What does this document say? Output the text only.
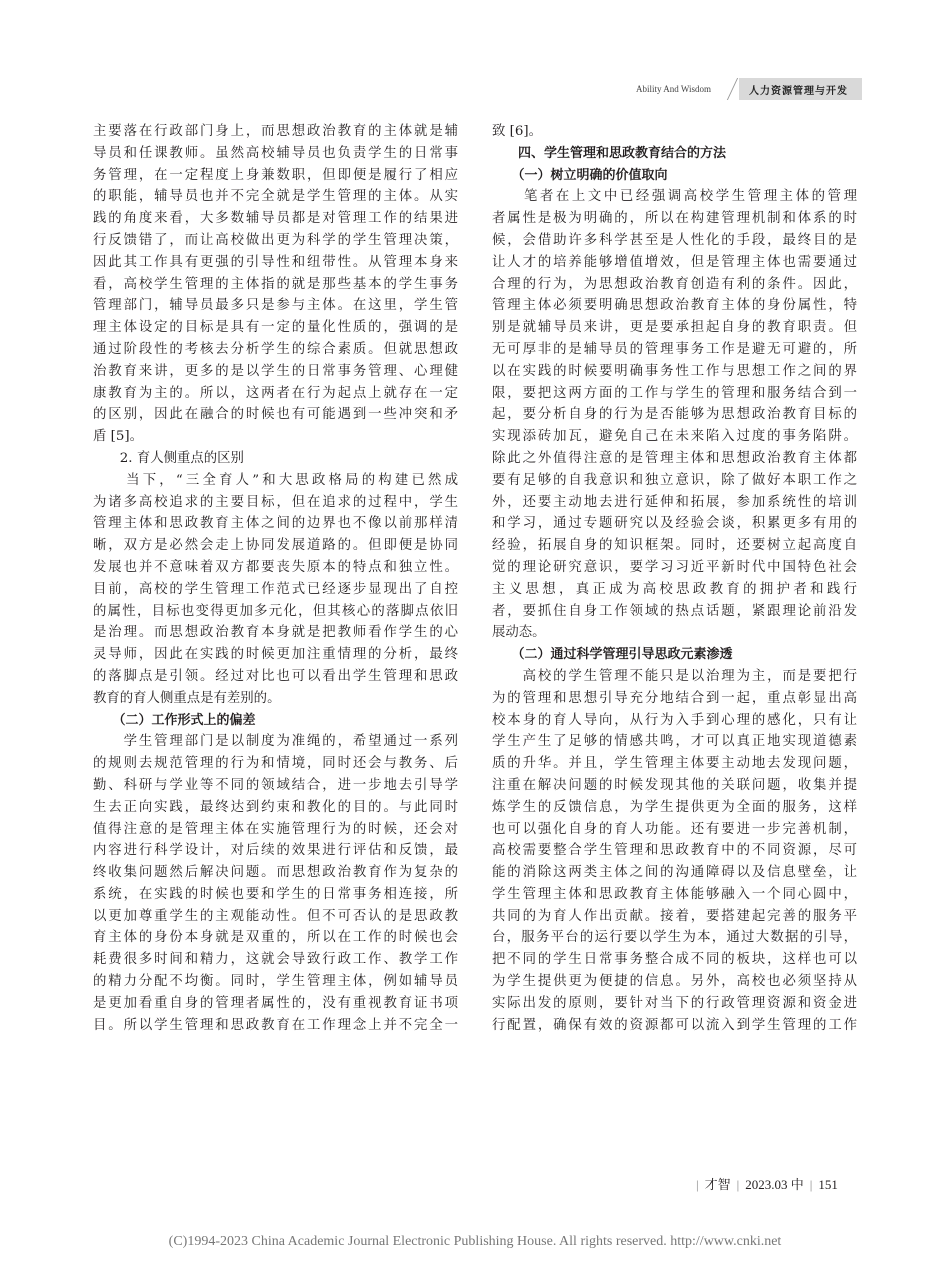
Ability And Wisdom	人力资源管理与开发
主要落在行政部门身上，而思想政治教育的主体就是辅
导员和任课教师。虽然高校辅导员也负责学生的日常事
务管理，在一定程度上身兼数职，但即便是履行了相应
的职能，辅导员也并不完全就是学生管理的主体。从实
践的角度来看，大多数辅导员都是对管理工作的结果进
行反馈错了，而让高校做出更为科学的学生管理决策，
因此其工作具有更强的引导性和纽带性。从管理本身来
看，高校学生管理的主体指的就是那些基本的学生事务
管理部门，辅导员最多只是参与主体。在这里，学生管
理主体设定的目标是具有一定的量化性质的，强调的是
通过阶段性的考核去分析学生的综合素质。但就思想政
治教育来讲，更多的是以学生的日常事务管理、心理健
康教育为主的。所以，这两者在行为起点上就存在一定
的区别，因此在融合的时候也有可能遇到一些冲突和矛
盾 [5]。
　　2. 育人侧重点的区别
　　当下，“三全育人”和大思政格局的构建已然成
为诸多高校追求的主要目标，但在追求的过程中，学生
管理主体和思政教育主体之间的边界也不像以前那样清
晰，双方是必然会走上协同发展道路的。但即便是协同
发展也并不意味着双方都要丧失原本的特点和独立性。
目前，高校的学生管理工作范式已经逐步显现出了自控
的属性，目标也变得更加多元化，但其核心的落脚点依旧
是治理。而思想政治教育本身就是把教师看作学生的心
灵导师，因此在实践的时候更加注重情理的分析，最终
的落脚点是引领。经过对比也可以看出学生管理和思政
教育的育人侧重点是有差别的。
　　（二）工作形式上的偏差
　　学生管理部门是以制度为准绳的，希望通过一系列
的规则去规范管理的行为和情境，同时还会与教务、后
勤、科研与学业等不同的领域结合，进一步地去引导学
生去正向实践，最终达到约束和教化的目的。与此同时
值得注意的是管理主体在实施管理行为的时候，还会对
内容进行科学设计，对后续的效果进行评估和反馈，最
终收集问题然后解决问题。而思想政治教育作为复杂的
系统，在实践的时候也要和学生的日常事务相连接，所
以更加尊重学生的主观能动性。但不可否认的是思政教
育主体的身份本身就是双重的，所以在工作的时候也会
耗费很多时间和精力，这就会导致行政工作、教学工作
的精力分配不均衡。同时，学生管理主体，例如辅导员
是更加看重自身的管理者属性的，没有重视教育证书项
目。所以学生管理和思政教育在工作理念上并不完全一
致 [6]。
　　四、学生管理和思政教育结合的方法
　　（一）树立明确的价值取向
　　笔者在上文中已经强调高校学生管理主体的管理
者属性是极为明确的，所以在构建管理机制和体系的时
候，会借助许多科学甚至是人性化的手段，最终目的是
让人才的培养能够增值增效，但是管理主体也需要通过
合理的行为，为思想政治教育创造有利的条件。因此，
管理主体必须要明确思想政治教育主体的身份属性，特
别是就辅导员来讲，更是要承担起自身的教育职责。但
无可厚非的是辅导员的管理事务工作是避无可避的，所
以在实践的时候要明确事务性工作与思想工作之间的界
限，要把这两方面的工作与学生的管理和服务结合到一
起，要分析自身的行为是否能够为思想政治教育目标的
实现添砖加瓦，避免自己在未来陷入过度的事务陷阱。
除此之外值得注意的是管理主体和思想政治教育主体都
要有足够的自我意识和独立意识，除了做好本职工作之
外，还要主动地去进行延伸和拓展，参加系统性的培训
和学习，通过专题研究以及经验会谈，积累更多有用的
经验，拓展自身的知识框架。同时，还要树立起高度自
觉的理论研究意识，要学习习近平新时代中国特色社会
主义思想，真正成为高校思政教育的拥护者和践行
者，要抓住自身工作领域的热点话题，紧跟理论前沿发
展动态。
　　（二）通过科学管理引导思政元素渗透
　　高校的学生管理不能只是以治理为主，而是要把行
为的管理和思想引导充分地结合到一起，重点彰显出高
校本身的育人导向，从行为入手到心理的感化，只有让
学生产生了足够的情感共鸣，才可以真正地实现道德素
质的升华。并且，学生管理主体要主动地去发现问题，
注重在解决问题的时候发现其他的关联问题，收集并提
炼学生的反馈信息，为学生提供更为全面的服务，这样
也可以强化自身的育人功能。还有要进一步完善机制，
高校需要整合学生管理和思政教育中的不同资源，尽可
能的消除这两类主体之间的沟通障碍以及信息壁垒，让
学生管理主体和思政教育主体能够融入一个同心圆中，
共同的为育人作出贡献。接着，要搭建起完善的服务平
台，服务平台的运行要以学生为本，通过大数据的引导，
把不同的学生日常事务整合成不同的板块，这样也可以
为学生提供更为便捷的信息。另外，高校也必须坚持从
实际出发的原则，要针对当下的行政管理资源和资金进
行配置，确保有效的资源都可以流入到学生管理的工作
| 才智 | 2023.03 中 | 151
(C)1994-2023 China Academic Journal Electronic Publishing House. All rights reserved. http://www.cnki.net
